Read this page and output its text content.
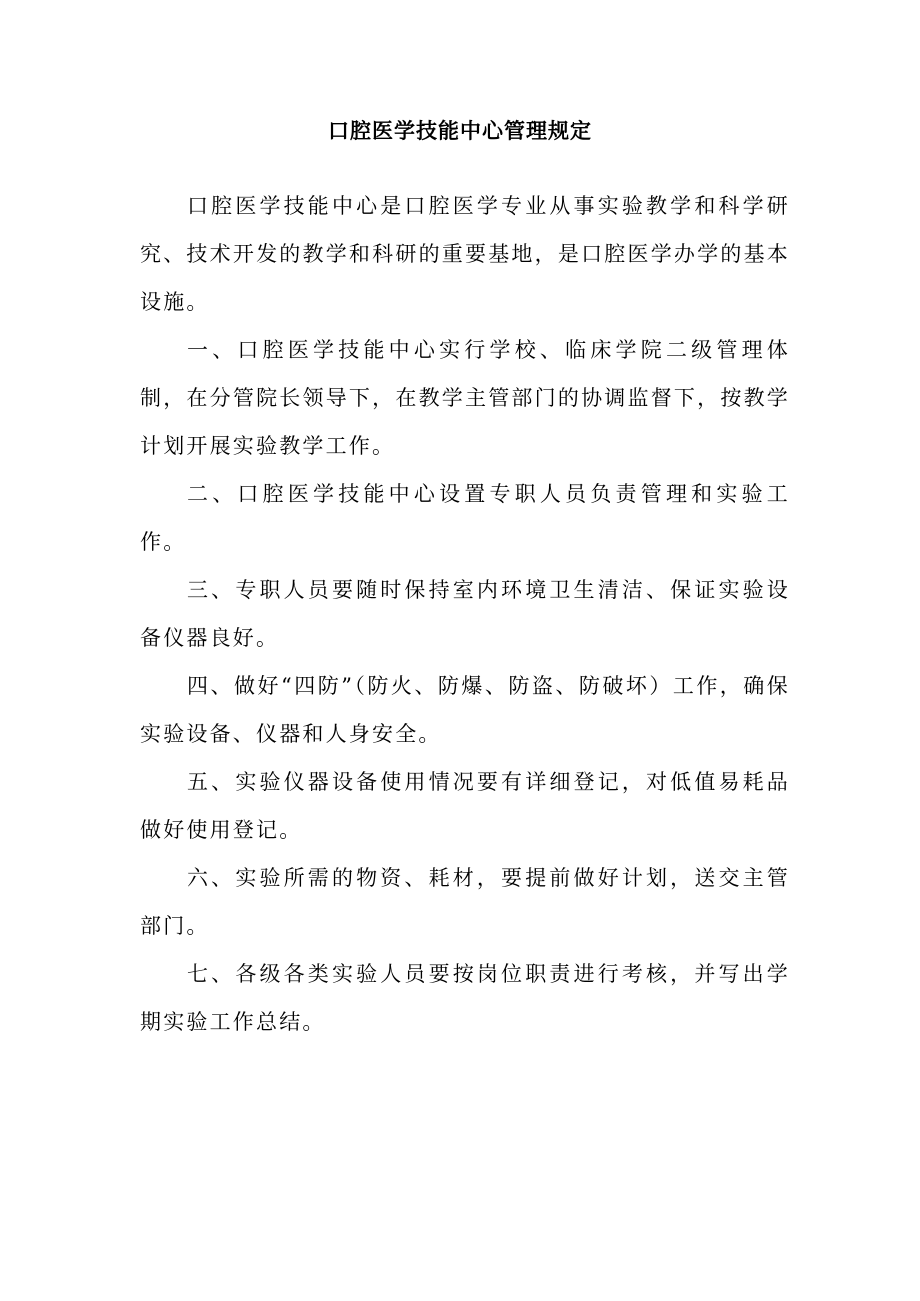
口腔医学技能中心管理规定

口腔医学技能中心是口腔医学专业从事实验教学和科学研究、技术开发的教学和科研的重要基地，是口腔医学办学的基本设施。

一、口腔医学技能中心实行学校、临床学院二级管理体制，在分管院长领导下，在教学主管部门的协调监督下，按教学计划开展实验教学工作。

二、口腔医学技能中心设置专职人员负责管理和实验工作。

三、专职人员要随时保持室内环境卫生清洁、保证实验设备仪器良好。

四、做好“四防”（防火、防爆、防盗、防破坏）工作，确保实验设备、仪器和人身安全。

五、实验仪器设备使用情况要有详细登记，对低值易耗品做好使用登记。

六、实验所需的物资、耗材，要提前做好计划，送交主管部门。

七、各级各类实验人员要按岗位职责进行考核，并写出学期实验工作总结。
